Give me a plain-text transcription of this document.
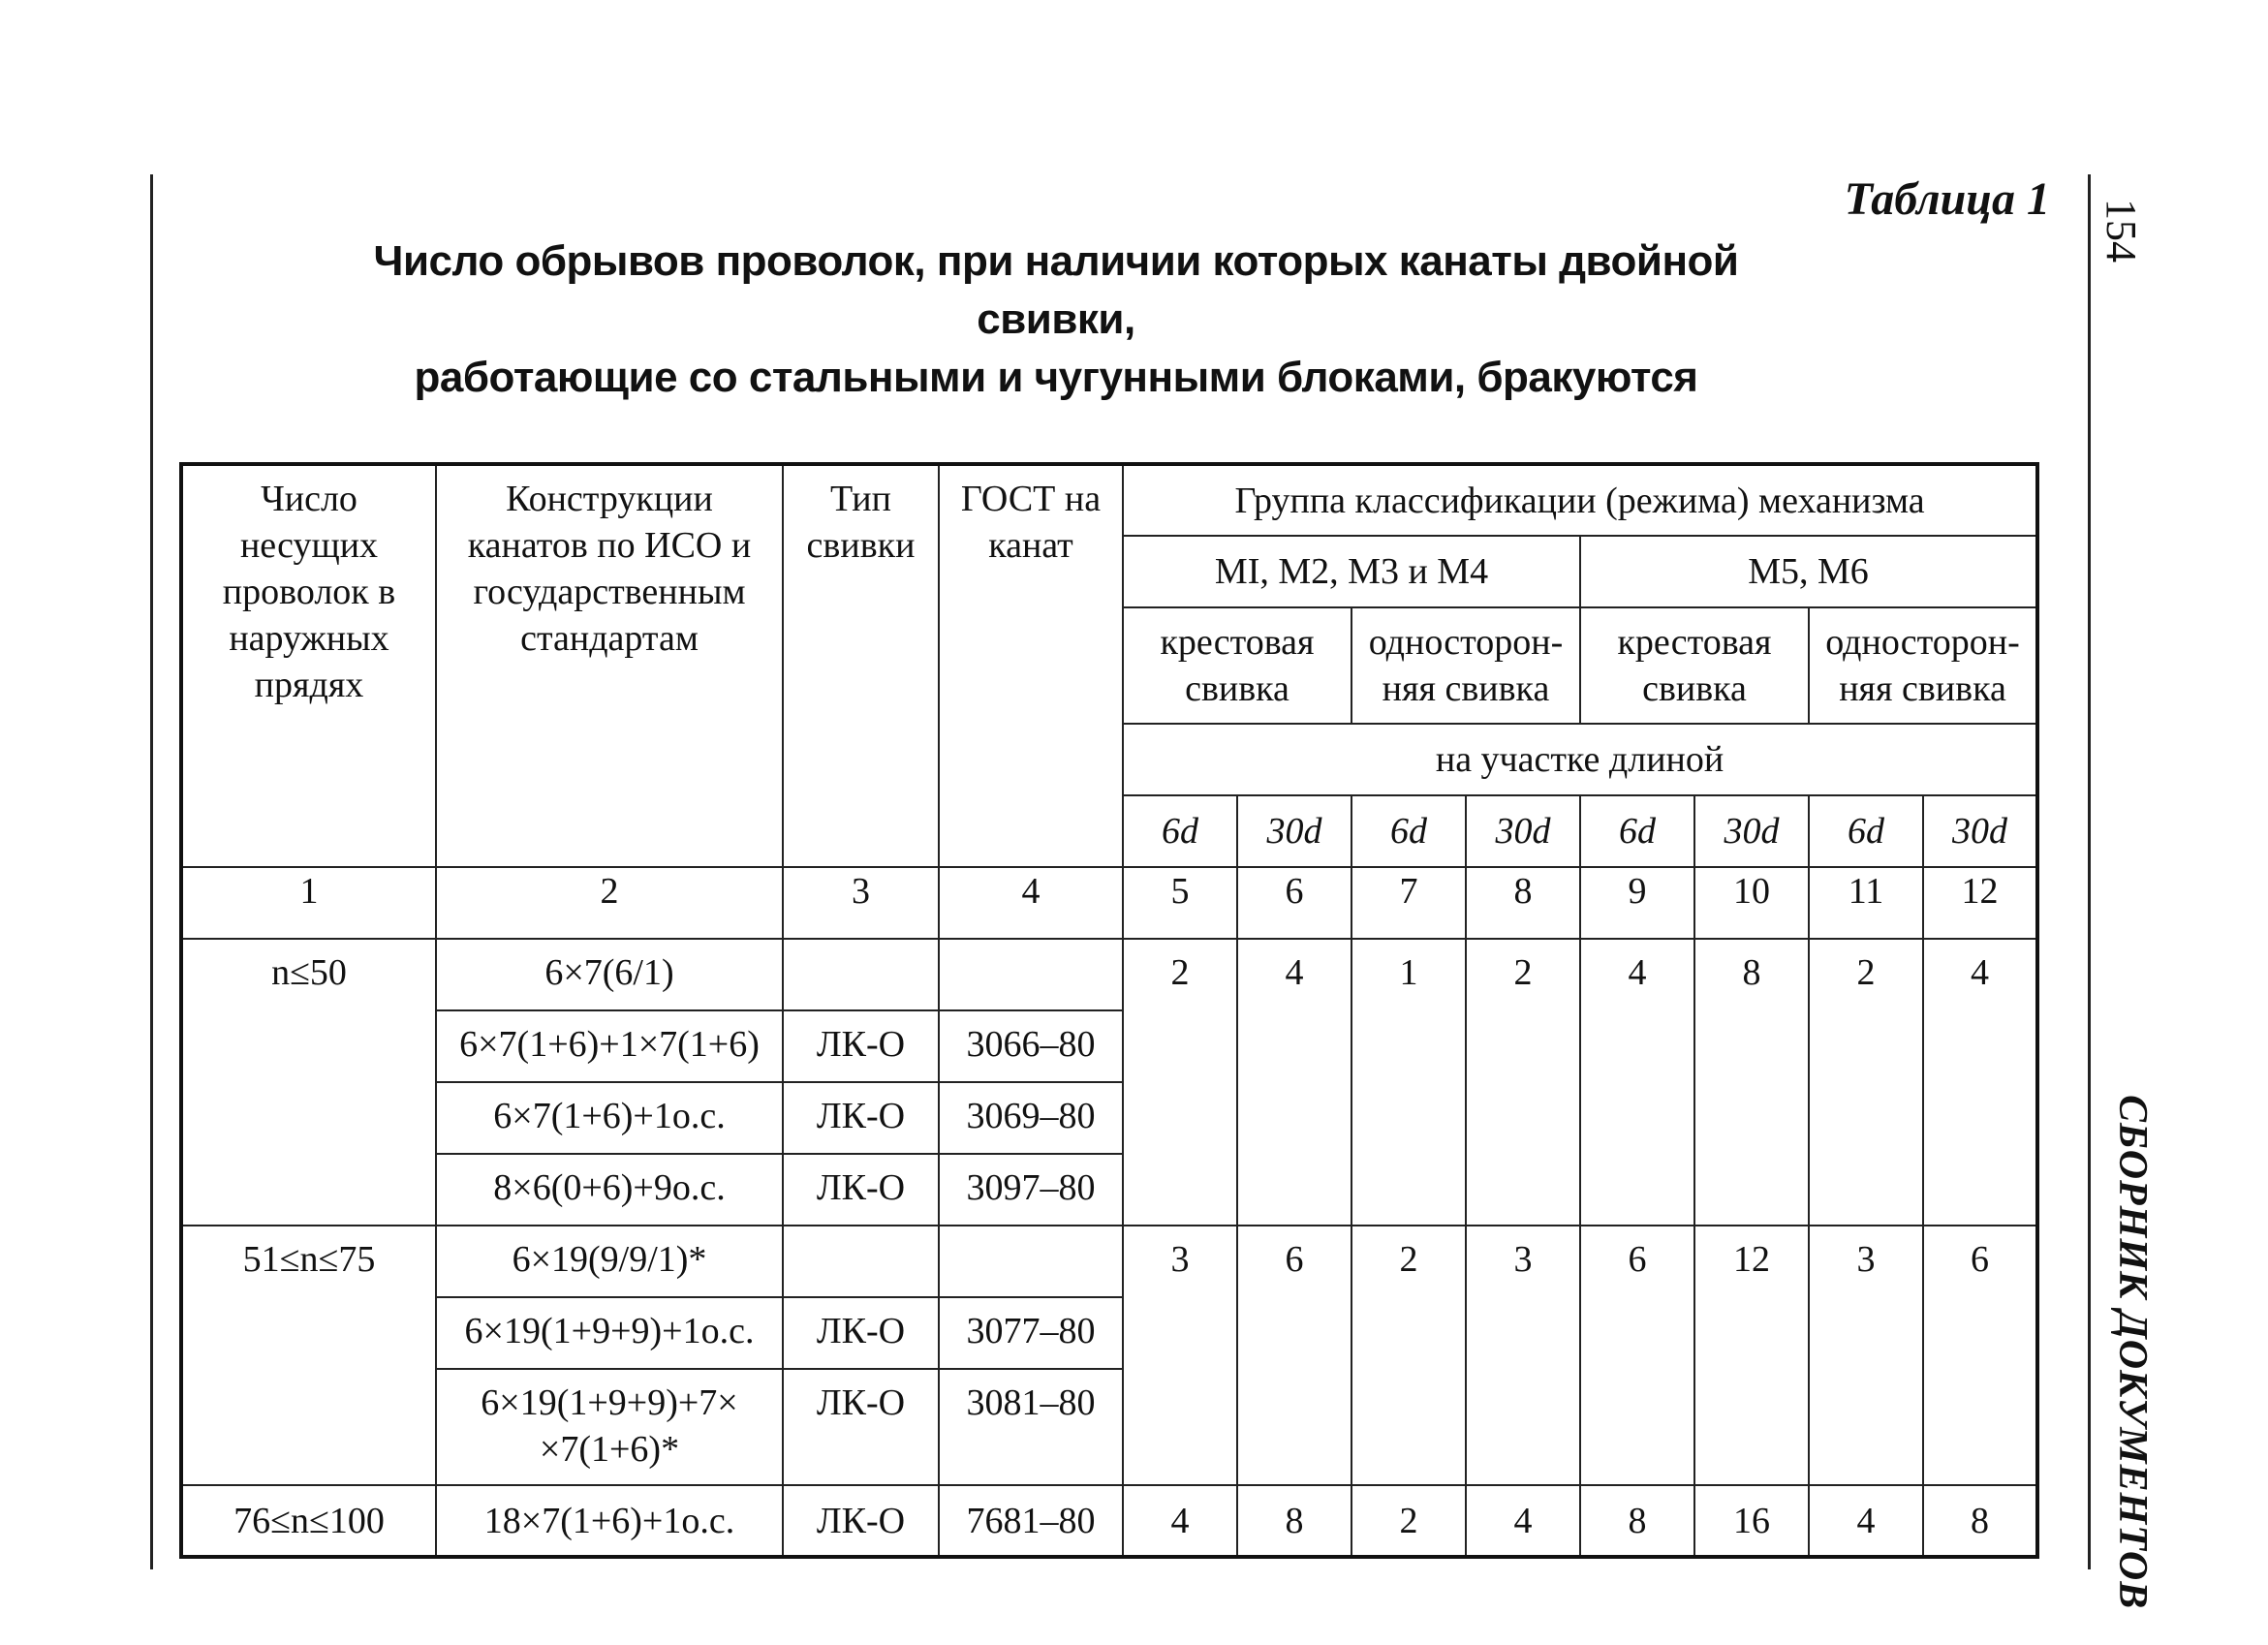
154
СБОРНИК ДОКУМЕНТОВ
Таблица 1
Число обрывов проволок, при наличии которых канаты двойной свивки,
работающие со стальными и чугунными блоками, бракуются
Число несущих проволок в наружных прядях	Конструкции канатов по ИСО и государственным стандартам	Тип свивки	ГОСТ на канат	Группа классификации (режима) механизма							
				MI, M2, M3 и M4				M5, M6			
				крестовая свивка		односторон-няя свивка		крестовая свивка		односторон-няя свивка	
				на участке длиной							
				6d	30d	6d	30d	6d	30d	6d	30d
1	2	3	4	5	6	7	8	9	10	11	12
n≤50	6×7(6/1)			2	4	1	2	4	8	2	4
	6×7(1+6)+1×7(1+6)	ЛК-О	3066–80								
	6×7(1+6)+1о.с.	ЛК-О	3069–80								
	8×6(0+6)+9о.с.	ЛК-О	3097–80								
51≤n≤75	6×19(9/9/1)*			3	6	2	3	6	12	3	6
	6×19(1+9+9)+1о.с.	ЛК-О	3077–80								
	6×19(1+9+9)+7× ×7(1+6)*	ЛК-О	3081–80								
76≤n≤100	18×7(1+6)+1о.с.	ЛК-О	7681–80	4	8	2	4	8	16	4	8
